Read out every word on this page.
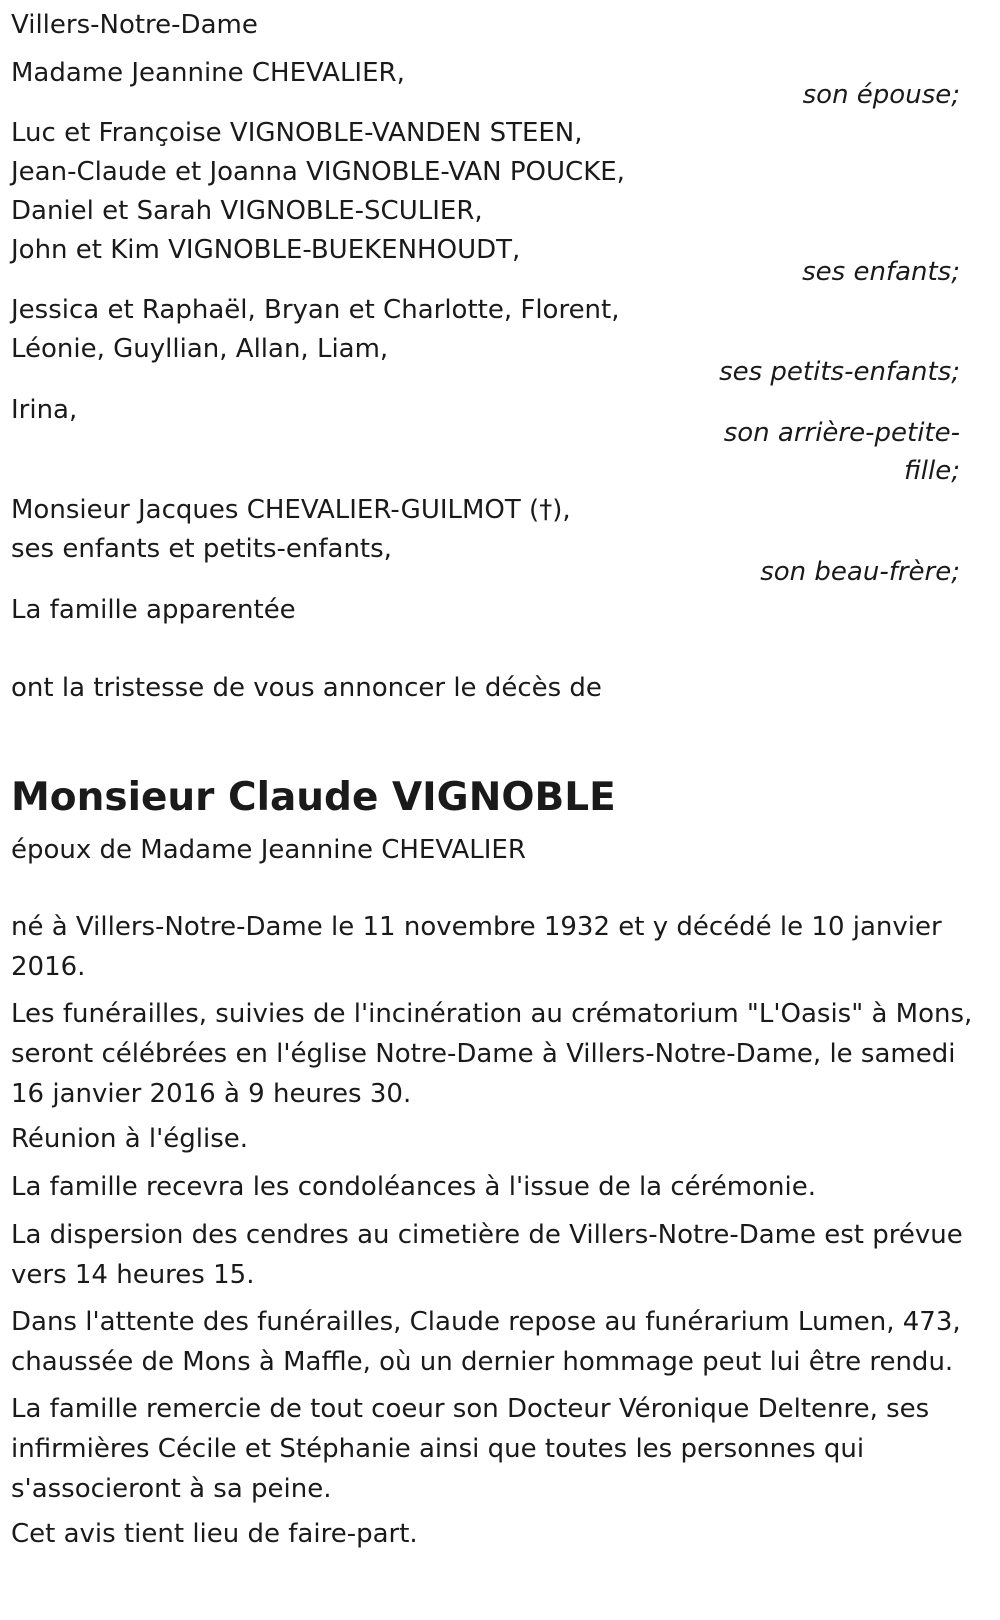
Villers-Notre-Dame

Madame Jeannine CHEVALIER,

son épouse;

Luc et Françoise VIGNOBLE-VANDEN STEEN,

Jean-Claude et Joanna VIGNOBLE-VAN POUCKE,

Daniel et Sarah VIGNOBLE-SCULIER,

John et Kim VIGNOBLE-BUEKENHOUDT,

ses enfants;

Jessica et Raphaël, Bryan et Charlotte, Florent,

Léonie, Guyllian, Allan, Liam,

ses petits-enfants;

Irina,

son arrière-petite-

fille;

Monsieur Jacques CHEVALIER-GUILMOT (†),

ses enfants et petits-enfants,

son beau-frère;

La famille apparentée

ont la tristesse de vous annoncer le décès de

Monsieur Claude VIGNOBLE

époux de Madame Jeannine CHEVALIER

né à Villers-Notre-Dame le 11 novembre 1932 et y décédé le 10 janvier 2016.

Les funérailles, suivies de l'incinération au crématorium "L'Oasis" à Mons, seront célébrées en l'église Notre-Dame à Villers-Notre-Dame, le samedi 16 janvier 2016 à 9 heures 30.

Réunion à l'église.

La famille recevra les condoléances à l'issue de la cérémonie.

La dispersion des cendres au cimetière de Villers-Notre-Dame est prévue vers 14 heures 15.

Dans l'attente des funérailles, Claude repose au funérarium Lumen, 473, chaussée de Mons à Maffle, où un dernier hommage peut lui être rendu.

La famille remercie de tout coeur son Docteur Véronique Deltenre, ses infirmières Cécile et Stéphanie ainsi que toutes les personnes qui s'associeront à sa peine.

Cet avis tient lieu de faire-part.
